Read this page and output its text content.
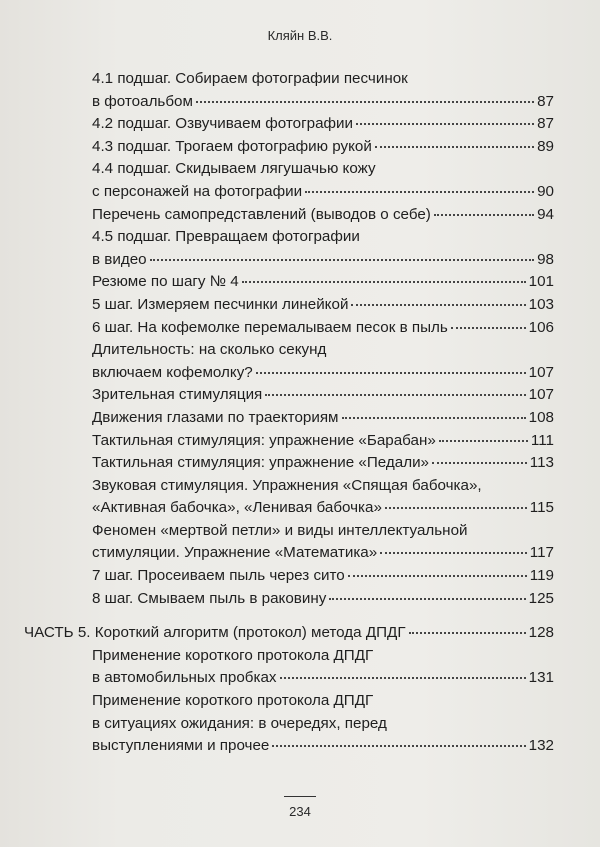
Кляйн В.В.
4.1 подшаг. Собираем фотографии песчинок
в фотоальбом	87
4.2 подшаг. Озвучиваем фотографии	87
4.3 подшаг. Трогаем фотографию рукой	89
4.4 подшаг. Скидываем лягушачью кожу
с персонажей на фотографии	90
Перечень самопредставлений (выводов о себе)	94
4.5 подшаг. Превращаем фотографии
в видео	98
Резюме по шагу № 4	101
5 шаг. Измеряем песчинки линейкой	103
6 шаг. На кофемолке перемалываем песок в пыль	106
Длительность: на сколько секунд
включаем кофемолку?	107
Зрительная стимуляция	107
Движения глазами по траекториям	108
Тактильная стимуляция: упражнение «Барабан»	111
Тактильная стимуляция: упражнение «Педали»	113
Звуковая стимуляция. Упражнения «Спящая бабочка»,
«Активная бабочка», «Ленивая бабочка»	115
Феномен «мертвой петли» и виды интеллектуальной
стимуляции. Упражнение «Математика»	117
7 шаг. Просеиваем пыль через сито	119
8 шаг. Смываем пыль в раковину	125
ЧАСТЬ 5. Короткий алгоритм (протокол) метода ДПДГ	128
Применение короткого протокола ДПДГ
в автомобильных пробках	131
Применение короткого протокола ДПДГ
в ситуациях ожидания: в очередях, перед
выступлениями и прочее	132
234
